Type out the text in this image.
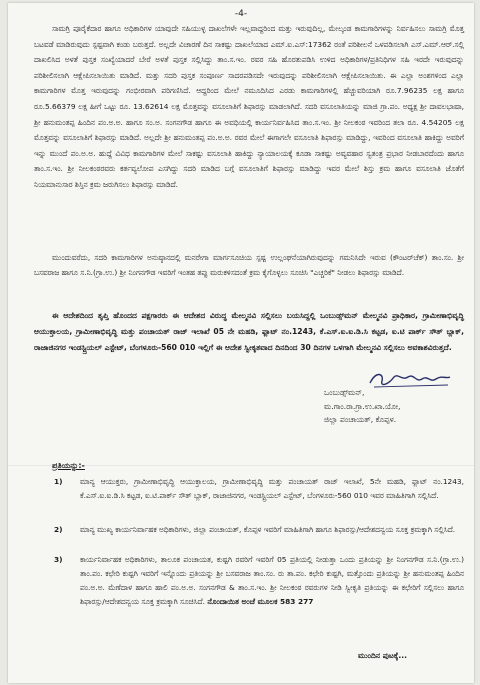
-4-

ಸಾಮಗ್ರಿ ಪೂರೈಕೆದಾರ ಹಾಗೂ ಅಧಿಕಾರಿಗಳ ಯಾವುದೇ ಸಹಿಯುಳ್ಳ ದಾಖಲೆಗಳೇ ಇಲ್ಲವಾದ್ದರಿಂದ ಮತ್ತು ಇರುವುದಿಲ್ಲ, ಮೇಲ್ಕಂಡ ಕಾಮಗಾರಿಗಳನ್ನು ನಿರ್ವಹಿಸಲು ಸಾಮಗ್ರಿ ಮೊತ್ತ ಬಟವಡೆ ಮಾಡಿರುವುದು ಸ್ಪಷ್ಟವಾಗಿ ಕಂಡು ಬರುತ್ತದೆ. ಅಲ್ಲದೇ ವಿಚಾರಣೆ ದಿನ ಸಾಕಷ್ಟು ದಾಖಲೆಯಾದ ಎಮ್.ಐ.ಎಸ್:17362 ರಂತೆ ಪರಿಶೀಲನೆ ಒಳಪಡಿಸಲಾಗಿ ಎಸ್.ಎಮ್.ಆರ್.ಸಲ್ಲಿ ದಾಖಲಿಸಿದ ಅಳತೆ ಪುಸ್ತಕ ಸಂಖ್ಯೆಯಾದರೆ ಬೇರೆ ಅಳತೆ ಪುಸ್ತಕ ಸಲ್ಲಿಸಿದ್ದು ತಾಂ.ಸ.ಇಂ. ರವರ ಸಹಿ ಹೊರತುಪಡಿಸಿ ಉಳಿದ ಅಧಿಕಾರಿಗಳ/ಪ್ರತಿನಿಧಿಗಳ ಸಹಿ ಇರದೇ ಇರುವುದನ್ನು ಪರಿಶೀಲಿಸಲಾಗಿ ಆಕ್ಷೇಪಿಸಲಾಯಿತು ಮಾಡಿದೆ. ಮತ್ತು ಸದರಿ ಪುಸ್ತಕ ಸಂಪೂರ್ಣ ಸಾದರಪಡಿಸದೇ ಇರುವುದನ್ನು ಪರಿಶೀಲಿಸಲಾಗಿ ಆಕ್ಷೇಪಿಸಲಾಯಿತು. ಈ ಎಲ್ಲಾ ಅಂಶಗಳಿಂದ ಎಲ್ಲಾ ಕಾಮಗಾರಿಗಳ ಮೊತ್ತ ಇರುವುದನ್ನು ಗಂಭೀರವಾಗಿ ಪರಿಗಣಿಸಿದೆ. ಆದ್ದರಿಂದ ಮೇಲೆ ನಮೂದಿಸಿದ ಎರಡು ಕಾಮಗಾರಿಗಳಲ್ಲಿ ಹೆಚ್ಚುವರಿಯಾಗಿ ರೂ.7.96235 ಲಕ್ಷ ಹಾಗೂ ರೂ.5.66379 ಲಕ್ಷ ಹೀಗೆ ಒಟ್ಟು ರೂ. 13.62614 ಲಕ್ಷ ಮೊತ್ತವನ್ನು ವಸೂಲಾತಿಗೆ ಶಿಫಾರಸ್ಸು ಮಾಡಲಾಗಿದೆ. ಸದರಿ ವಸೂಲಾತಿಯನ್ನು ಮಾಜಿ ಗ್ರಾ.ಪಂ. ಅಧ್ಯಕ್ಷ ಶ್ರೀ ದಾವಲಭಾಷಾ, ಶ್ರೀ ಹನುಮಂತಪ್ಪ ಹಿಂದಿನ ಪಂ.ಅ.ಅ. ಹಾಗೂ ಸಂ.ಅ. ಸಂಗನಗೌಡ ಹಾಗೂ ಈ ಅವಧಿಯಲ್ಲಿ ಕಾರ್ಯನಿರ್ವಹಿಸಿದ ತಾಂ.ಸ.ಇಂ. ಶ್ರೀ ನೀಲಕಂಠ ಇವರಿಂದ ತಲಾ ರೂ. 4.54205 ಲಕ್ಷ ಮೊತ್ತವನ್ನು ವಸೂಲಾತಿಗೆ ಶಿಫಾರಸ್ಸು ಮಾಡಿದೆ. ಅಲ್ಲದೇ ಶ್ರೀ ಹನುಮಂತಪ್ಪ ಪಂ.ಅ.ಅ. ರವರ ಮೇಲೆ ಈಗಾಗಲೇ ವಸೂಲಾತಿ ಶಿಫಾರಸ್ಸು ಮಾಡಿದ್ದು, ಇವರಿಂದ ವಸೂಲಾತಿ ಹಾಕಿದ್ದು ಅವರಿಗೆ ಇನ್ನು ಮುಂದೆ ಪಂ.ಅ.ಅ. ಹುದ್ದೆ ವಿವಿಧ ಕಾಮಗಾರಿಗಳ ಮೇಲೆ ಸಾಕಷ್ಟು ವಸೂಲಾತಿ ಹಾಕಿದ್ದು ನ್ಯಾಯಾಲಯಕ್ಕೆ ಕೂಡಾ ಸಾಕಷ್ಟು ಅವ್ಯವಹಾರ ಸ್ವತಂತ್ರ ಪ್ರಭಾರ ನೀಡಬಾರದೆಂದು ಹಾಗೂ ತಾಂ.ಸ.ಇಂ. ಶ್ರೀ ನೀಲಕಂಠರವರು ಕರ್ತವ್ಯಲೋಪ ಎಸಗಿದ್ದು ಸದರಿ ಮಾಡಿದ ಬಗ್ಗೆ ವಸೂಲಾತಿಗೆ ಶಿಫಾರಸ್ಸು ಮಾಡಿದ್ದು ಇವರ ಮೇಲೆ ಶಿಸ್ತು ಕ್ರಮ ಹಾಗೂ ವಸೂಲಾತಿ ಜೊತೆಗೆ ನಿಯಮಾನುಸಾರ ಶಿಸ್ತಿನ ಕ್ರಮ ಜರುಗಿಸಲು ಶಿಫಾರಸ್ಸು ಮಾಡಿದೆ.

ಮುಂದುವರೆದು, ಸದರಿ ಕಾಮಗಾರಿಗಳ ಅನುಷ್ಠಾನದಲ್ಲಿ ಮನರೇಗಾ ಮಾರ್ಗಸೂಚಿಯ ಸ್ಪಷ್ಟ ಉಲ್ಲಂಘನೆಯಾಗಿರುವುದನ್ನು ಗಮನಿಸಿದೇ ಇರುವ (ಕೌಂಟರ್‌ಚೆಕ್) ತಾಂ.ಸಂ. ಶ್ರೀ ಬಸವರಾಜ ಹಾಗೂ ಸ.ನಿ.(ಗ್ರಾ.ಉ.) ಶ್ರೀ ನಿಂಗನಗೌಡ ಇವರಿಗೆ ಇಂತಹ ತಪ್ಪು ಮರುಕಳಿಸದಂತೆ ಕ್ರಮ ಕೈಗೊಳ್ಳಲು ಸೂಚಿಸಿ "ಎಚ್ಚರಿಕೆ" ನೀಡಲು ಶಿಫಾರಸ್ಸು ಮಾಡಿದೆ.

ಈ ಆದೇಶದಿಂದ ತೃಪ್ತಿ ಹೊಂದದ ಪಕ್ಷಗಾರರು ಈ ಆದೇಶದ ವಿರುದ್ಧ ಮೇಲ್ಮನವಿ ಸಲ್ಲಿಸಲು ಬಯಸಿದ್ದಲ್ಲಿ ಒಂಬುಡ್ಸ್‌ಮನ್ ಮೇಲ್ಮನವಿ ಪ್ರಾಧಿಕಾರ, ಗ್ರಾಮೀಣಾಭಿವೃದ್ಧಿ ಆಯುಕ್ತಾಲಯ, ಗ್ರಾಮೀಣಾಭಿವೃದ್ಧಿ ಮತ್ತು ಪಂಚಾಯತ್ ರಾಜ್ ಇಲಾಖೆ 05 ನೇ ಮಹಡಿ, ಫ್ಲಾಟ್ ನಂ.1243, ಕೆ.ಎಸ್.ಐ.ಐ.ಡಿ.ಸಿ ಕಟ್ಟಡ, ಐ.ಟಿ ಪಾರ್ಕ್ ಸೌತ್ ಬ್ಲಾಕ್, ರಾಜಾಜಿನಗರ ಇಂಡಸ್ಟ್ರಿಯಲ್ ಎಸ್ಟೇಟ್, ಬೆಂಗಳೂರು-560 010 ಇಲ್ಲಿಗೆ ಈ ಆದೇಶ ಸ್ವೀಕೃತವಾದ ದಿನದಿಂದ 30 ದಿನಗಳ ಒಳಗಾಗಿ ಮೇಲ್ಮನವಿ ಸಲ್ಲಿಸಲು ಅವಕಾಶವಿರುತ್ತದೆ.

ಒಂಬುಡ್ಸ್‌ಮನ್,
ಮ.ಗಾಂ.ರಾ.ಗ್ರಾ.ಉ.ಖಾ.ಯೋ,
ಜಿಲ್ಲಾ ಪಂಚಾಯತ್, ಕೊಪ್ಪಳ.
ಪ್ರತಿಯನ್ನು:-
1) ಮಾನ್ಯ ಆಯುಕ್ತರು, ಗ್ರಾಮೀಣಾಭಿವೃದ್ಧಿ ಆಯುಕ್ತಾಲಯ, ಗ್ರಾಮೀಣಾಭಿವೃದ್ಧಿ ಮತ್ತು ಪಂಚಾಯತ್ ರಾಜ್ ಇಲಾಖೆ, 5ನೇ ಮಹಡಿ, ಫ್ಲಾಟ್ ನಂ.1243, ಕೆ.ಎಸ್.ಐ.ಐ.ಡಿ.ಸಿ ಕಟ್ಟಡ, ಐ.ಟಿ.ಪಾರ್ಕ್ ಸೌತ್ ಬ್ಲಾಕ್, ರಾಜಾಜಿನಗರ, ಇಂಡಸ್ಟ್ರಿಯಲ್ ಎಸ್ಟೇಟ್, ಬೆಂಗಳೂರು-560 010 ಇವರ ಮಾಹಿತಿಗಾಗಿ ಸಲ್ಲಿಸಿದೆ.
2) ಮಾನ್ಯ ಮುಖ್ಯ ಕಾರ್ಯನಿರ್ವಾಹಕ ಅಧಿಕಾರಿಗಳು, ಜಿಲ್ಲಾ ಪಂಚಾಯತ್, ಕೊಪ್ಪಳ ಇವರಿಗೆ ಮಾಹಿತಿಗಾಗಿ ಹಾಗೂ ಶಿಫಾರಸ್ಸು/ಆದೇಶದನ್ವಯ ಸೂಕ್ತ ಕ್ರಮಕ್ಕಾಗಿ ಸಲ್ಲಿಸಿದೆ.
3) ಕಾರ್ಯನಿರ್ವಾಹಕ ಅಧಿಕಾರಿಗಳು, ತಾಲೂಕ ಪಂಚಾಯತ, ಕುಷ್ಟಗಿ ರವರಿಗೆ ಇವರಿಗೆ 05 ಪ್ರತಿಯಲ್ಲಿ ನೀಡುತ್ತಾ ಒಂದು ಪ್ರತಿಯನ್ನು ಶ್ರೀ ನಿಂಗನಗೌಡ ಸ.ನಿ.(ಗ್ರಾ.ಉ.) ತಾಂ.ಪಂ. ಕಛೇರಿ ಕುಷ್ಟಗಿ ಇವರಿಗೆ ಇನ್ನೊಂದು ಪ್ರತಿಯನ್ನು ಶ್ರೀ ಬಸವರಾಜ ತಾಂ.ಸಂ. ರು ತಾ.ಪಂ. ಕಛೇರಿ ಕುಷ್ಟಗಿ, ಮತ್ತೊಂದು ಪ್ರತಿಯನ್ನು ಶ್ರೀ ಹನುಮಂತಪ್ಪ ಹಿಂದಿನ ಪಂ.ಅ.ಅ. ಮೆಣೆದಾಳ ಹಾಗೂ ಹಾಲಿ ಪಂ.ಅ.ಅ. ಸಂಗನಗೌಡ & ತಾಂ.ಸ.ಇಂ. ಶ್ರೀ ನೀಲಕಂಠ ರವರುಗಳ ನೀಡಿ ಸ್ವೀಕೃತಿ ಪ್ರತಿಯನ್ನು ಈ ಕಛೇರಿಗೆ ಸಲ್ಲಿಸಲು ಹಾಗೂ ಶಿಫಾರಸ್ಸು/ಆದೇಶದನ್ವಯ ಸೂಕ್ತ ಕ್ರಮಕ್ಕಾಗಿ ಸೂಚಿಸಿದೆ. ನೊಂದಾಯಿತ ಅಂಚೆ ಮೂಲಕ 583 277
ಮುಂದಿನ ಪುಟಕ್ಕೆ...
